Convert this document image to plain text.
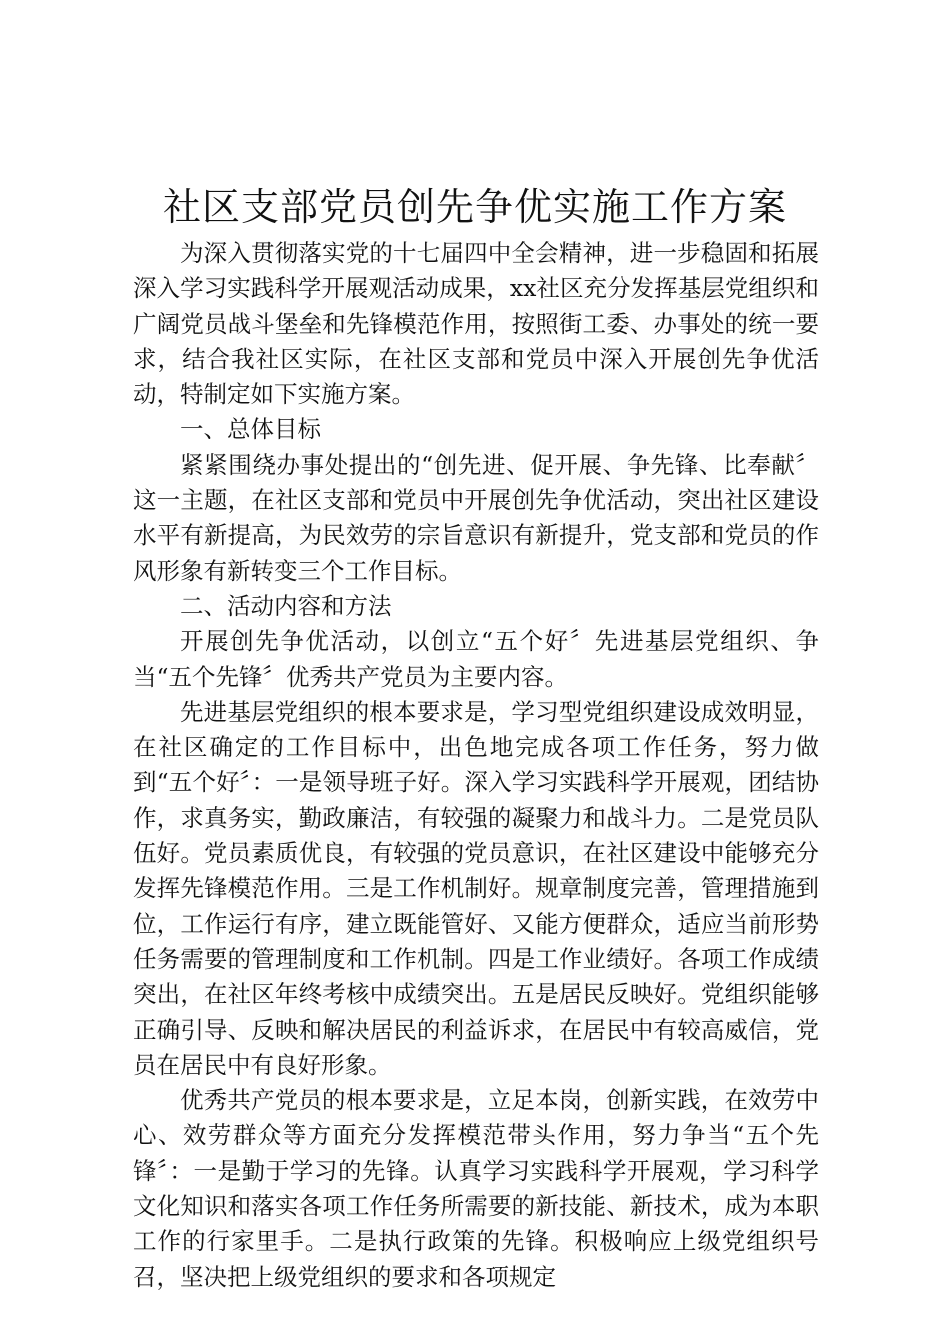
社区支部党员创先争优实施工作方案

为深入贯彻落实党的十七届四中全会精神，进一步稳固和拓展深入学习实践科学开展观活动成果，xx社区充分发挥基层党组织和广阔党员战斗堡垒和先锋模范作用，按照街工委、办事处的统一要求，结合我社区实际，在社区支部和党员中深入开展创先争优活动，特制定如下实施方案。

一、总体目标

紧紧围绕办事处提出的“创先进、促开展、争先锋、比奉献〞这一主题，在社区支部和党员中开展创先争优活动，突出社区建设水平有新提高，为民效劳的宗旨意识有新提升，党支部和党员的作风形象有新转变三个工作目标。

二、活动内容和方法

开展创先争优活动，以创立“五个好〞先进基层党组织、争当“五个先锋〞优秀共产党员为主要内容。

先进基层党组织的根本要求是，学习型党组织建设成效明显，在社区确定的工作目标中，出色地完成各项工作任务，努力做到“五个好〞：一是领导班子好。深入学习实践科学开展观，团结协作，求真务实，勤政廉洁，有较强的凝聚力和战斗力。二是党员队伍好。党员素质优良，有较强的党员意识，在社区建设中能够充分发挥先锋模范作用。三是工作机制好。规章制度完善，管理措施到位，工作运行有序，建立既能管好、又能方便群众，适应当前形势任务需要的管理制度和工作机制。四是工作业绩好。各项工作成绩突出，在社区年终考核中成绩突出。五是居民反映好。党组织能够正确引导、反映和解决居民的利益诉求，在居民中有较高威信，党员在居民中有良好形象。

优秀共产党员的根本要求是，立足本岗，创新实践，在效劳中心、效劳群众等方面充分发挥模范带头作用，努力争当“五个先锋〞：一是勤于学习的先锋。认真学习实践科学开展观，学习科学文化知识和落实各项工作任务所需要的新技能、新技术，成为本职工作的行家里手。二是执行政策的先锋。积极响应上级党组织号召，坚决把上级党组织的要求和各项规定
